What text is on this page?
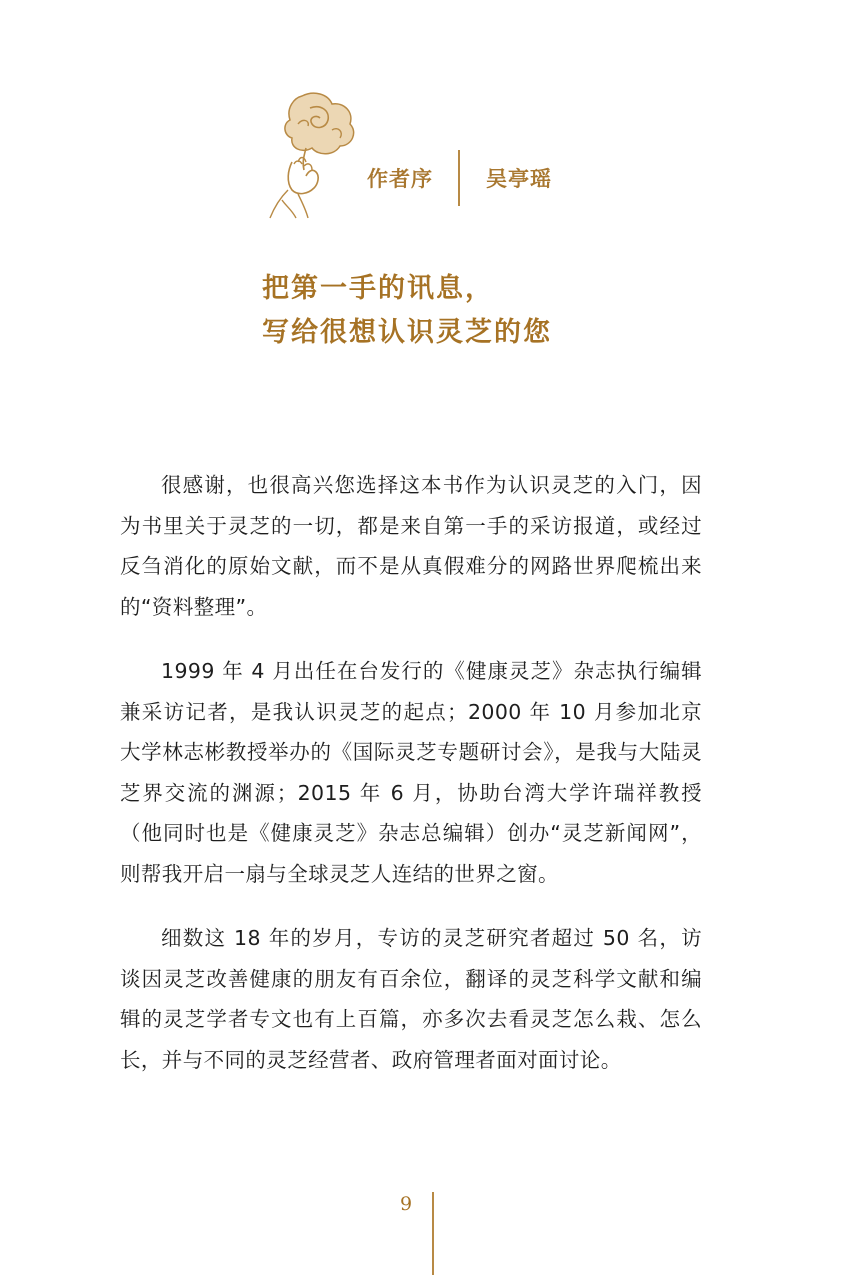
作者序	吴亭瑶
把第一手的讯息，
写给很想认识灵芝的您

很感谢，也很高兴您选择这本书作为认识灵芝的入门，因为书里关于灵芝的一切，都是来自第一手的采访报道，或经过反刍消化的原始文献，而不是从真假难分的网路世界爬梳出来的“资料整理”。

1999 年 4 月出任在台发行的《健康灵芝》杂志执行编辑兼采访记者，是我认识灵芝的起点；2000 年 10 月参加北京大学林志彬教授举办的《国际灵芝专题研讨会》，是我与大陆灵芝界交流的渊源；2015 年 6 月，协助台湾大学许瑞祥教授（他同时也是《健康灵芝》杂志总编辑）创办“灵芝新闻网”，则帮我开启一扇与全球灵芝人连结的世界之窗。

细数这 18 年的岁月，专访的灵芝研究者超过 50 名，访谈因灵芝改善健康的朋友有百余位，翻译的灵芝科学文献和编辑的灵芝学者专文也有上百篇，亦多次去看灵芝怎么栽、怎么长，并与不同的灵芝经营者、政府管理者面对面讨论。

9
